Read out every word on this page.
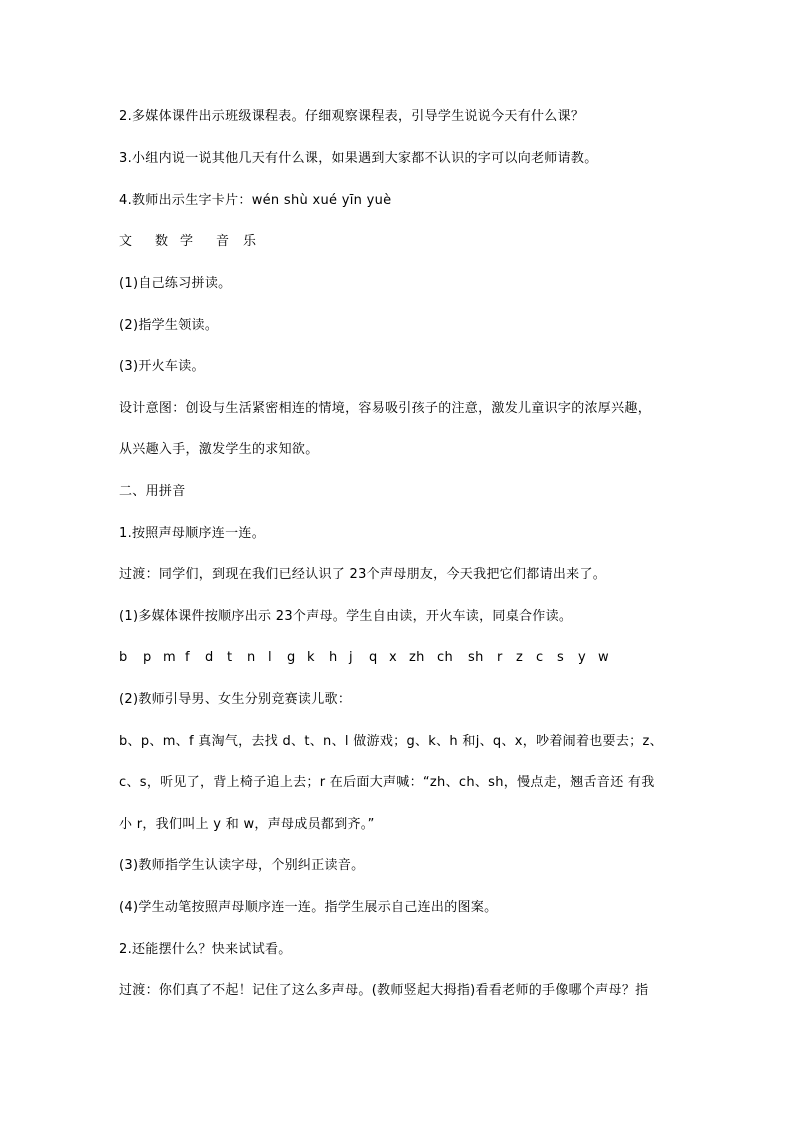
2.多媒体课件出示班级课程表。仔细观察课程表，引导学生说说今天有什么课？
3.小组内说一说其他几天有什么课，如果遇到大家都不认识的字可以向老师请教。
4.教师出示生字卡片：wén shù xué yīn yuè
文 数 学 音 乐
(1)自己练习拼读。
(2)指学生领读。
(3)开火车读。
设计意图：创设与生活紧密相连的情境，容易吸引孩子的注意，激发儿童识字的浓厚兴趣，
从兴趣入手，激发学生的求知欲。
二、用拼音
1.按照声母顺序连一连。
过渡：同学们，到现在我们已经认识了 23个声母朋友，今天我把它们都请出来了。
(1)多媒体课件按顺序出示 23个声母。学生自由读，开火车读，同桌合作读。
b p m f d t n l g k h j q x zh ch sh r z c s y w
(2)教师引导男、女生分别竞赛读儿歌：
b、p、m、f 真淘气，去找 d、t、n、l 做游戏；g、k、h 和j、q、x，吵着闹着也要去；z、
c、s，听见了，背上椅子追上去；r 在后面大声喊：“zh、ch、sh，慢点走，翘舌音还 有我
小 r，我们叫上 y 和 w，声母成员都到齐。”
(3)教师指学生认读字母，个别纠正读音。
(4)学生动笔按照声母顺序连一连。指学生展示自己连出的图案。
2.还能摆什么？快来试试看。
过渡：你们真了不起！记住了这么多声母。(教师竖起大拇指)看看老师的手像哪个声母？指
